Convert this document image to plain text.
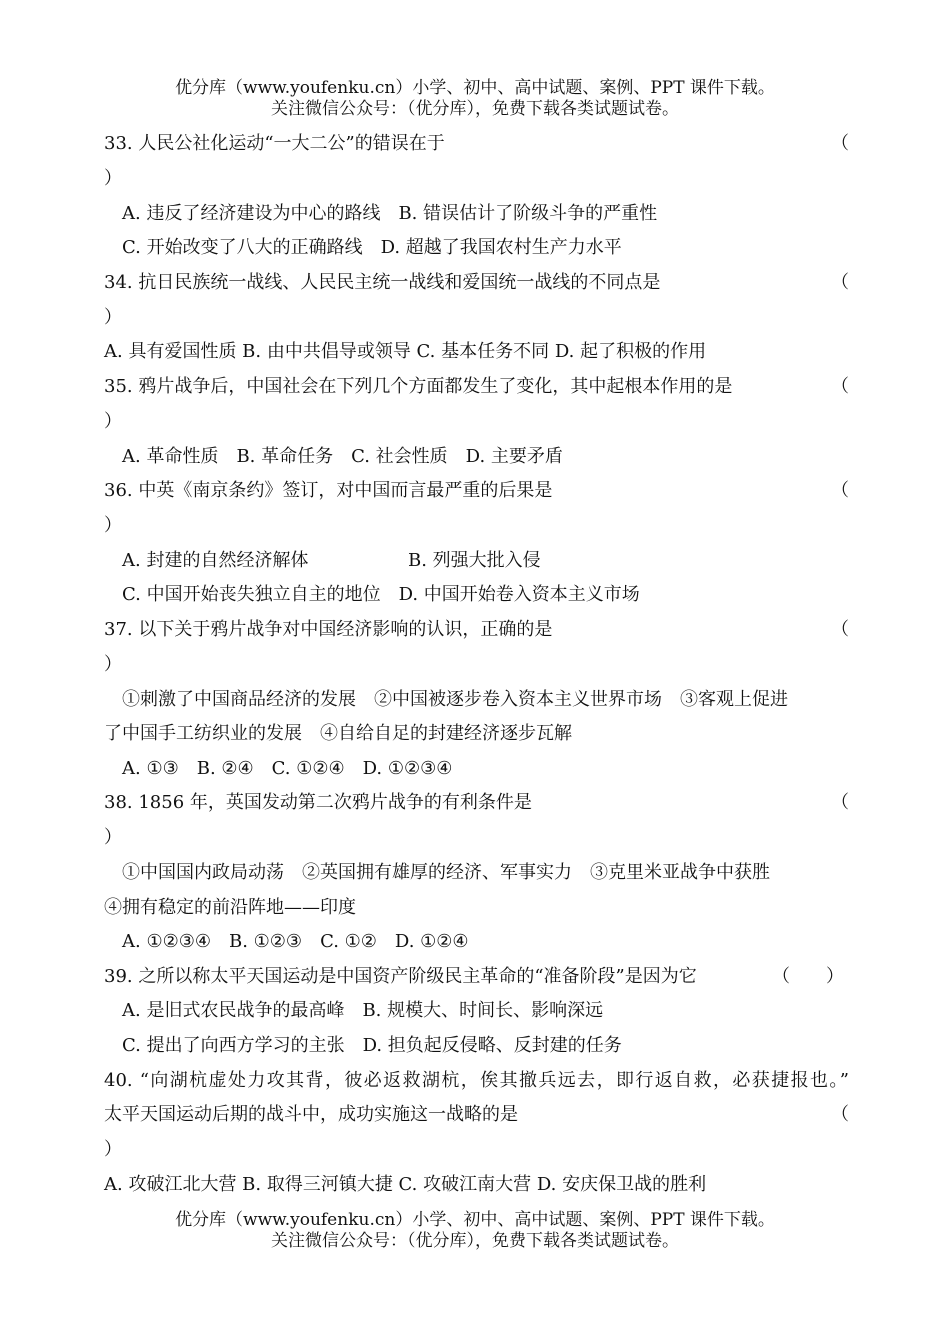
优分库（www.youfenku.cn）小学、初中、高中试题、案例、PPT 课件下载。
关注微信公众号：（优分库），免费下载各类试题试卷。
33. 人民公社化运动“一大二公”的错误在于	（
）
A. 违反了经济建设为中心的路线　B. 错误估计了阶级斗争的严重性
C. 开始改变了八大的正确路线　D. 超越了我国农村生产力水平
34. 抗日民族统一战线、人民民主统一战线和爱国统一战线的不同点是	（
）
A. 具有爱国性质 B. 由中共倡导或领导 C. 基本任务不同 D. 起了积极的作用
35. 鸦片战争后，中国社会在下列几个方面都发生了变化，其中起根本作用的是	（
）
A. 革命性质　B. 革命任务　C. 社会性质　D. 主要矛盾
36. 中英《南京条约》签订，对中国而言最严重的后果是	（
）
A. 封建的自然经济解体	B. 列强大批入侵
C. 中国开始丧失独立自主的地位　D. 中国开始卷入资本主义市场
37. 以下关于鸦片战争对中国经济影响的认识，正确的是	（
）
①刺激了中国商品经济的发展　②中国被逐步卷入资本主义世界市场　③客观上促进
了中国手工纺织业的发展　④自给自足的封建经济逐步瓦解
A. ①③　B. ②④　C. ①②④　D. ①②③④
38. 1856 年，英国发动第二次鸦片战争的有利条件是	（
）
①中国国内政局动荡　②英国拥有雄厚的经济、军事实力　③克里米亚战争中获胜
④拥有稳定的前沿阵地——印度
A. ①②③④　B. ①②③　C. ①②　D. ①②④
39. 之所以称太平天国运动是中国资产阶级民主革命的“准备阶段”是因为它	（　　）
A. 是旧式农民战争的最高峰　B. 规模大、时间长、影响深远
C. 提出了向西方学习的主张　D. 担负起反侵略、反封建的任务
40. “向湖杭虚处力攻其背，彼必返救湖杭，俟其撤兵远去，即行返自救，必获捷报也。”
太平天国运动后期的战斗中，成功实施这一战略的是	（
）
A. 攻破江北大营 B. 取得三河镇大捷 C. 攻破江南大营 D. 安庆保卫战的胜利
优分库（www.youfenku.cn）小学、初中、高中试题、案例、PPT 课件下载。
关注微信公众号：（优分库），免费下载各类试题试卷。
